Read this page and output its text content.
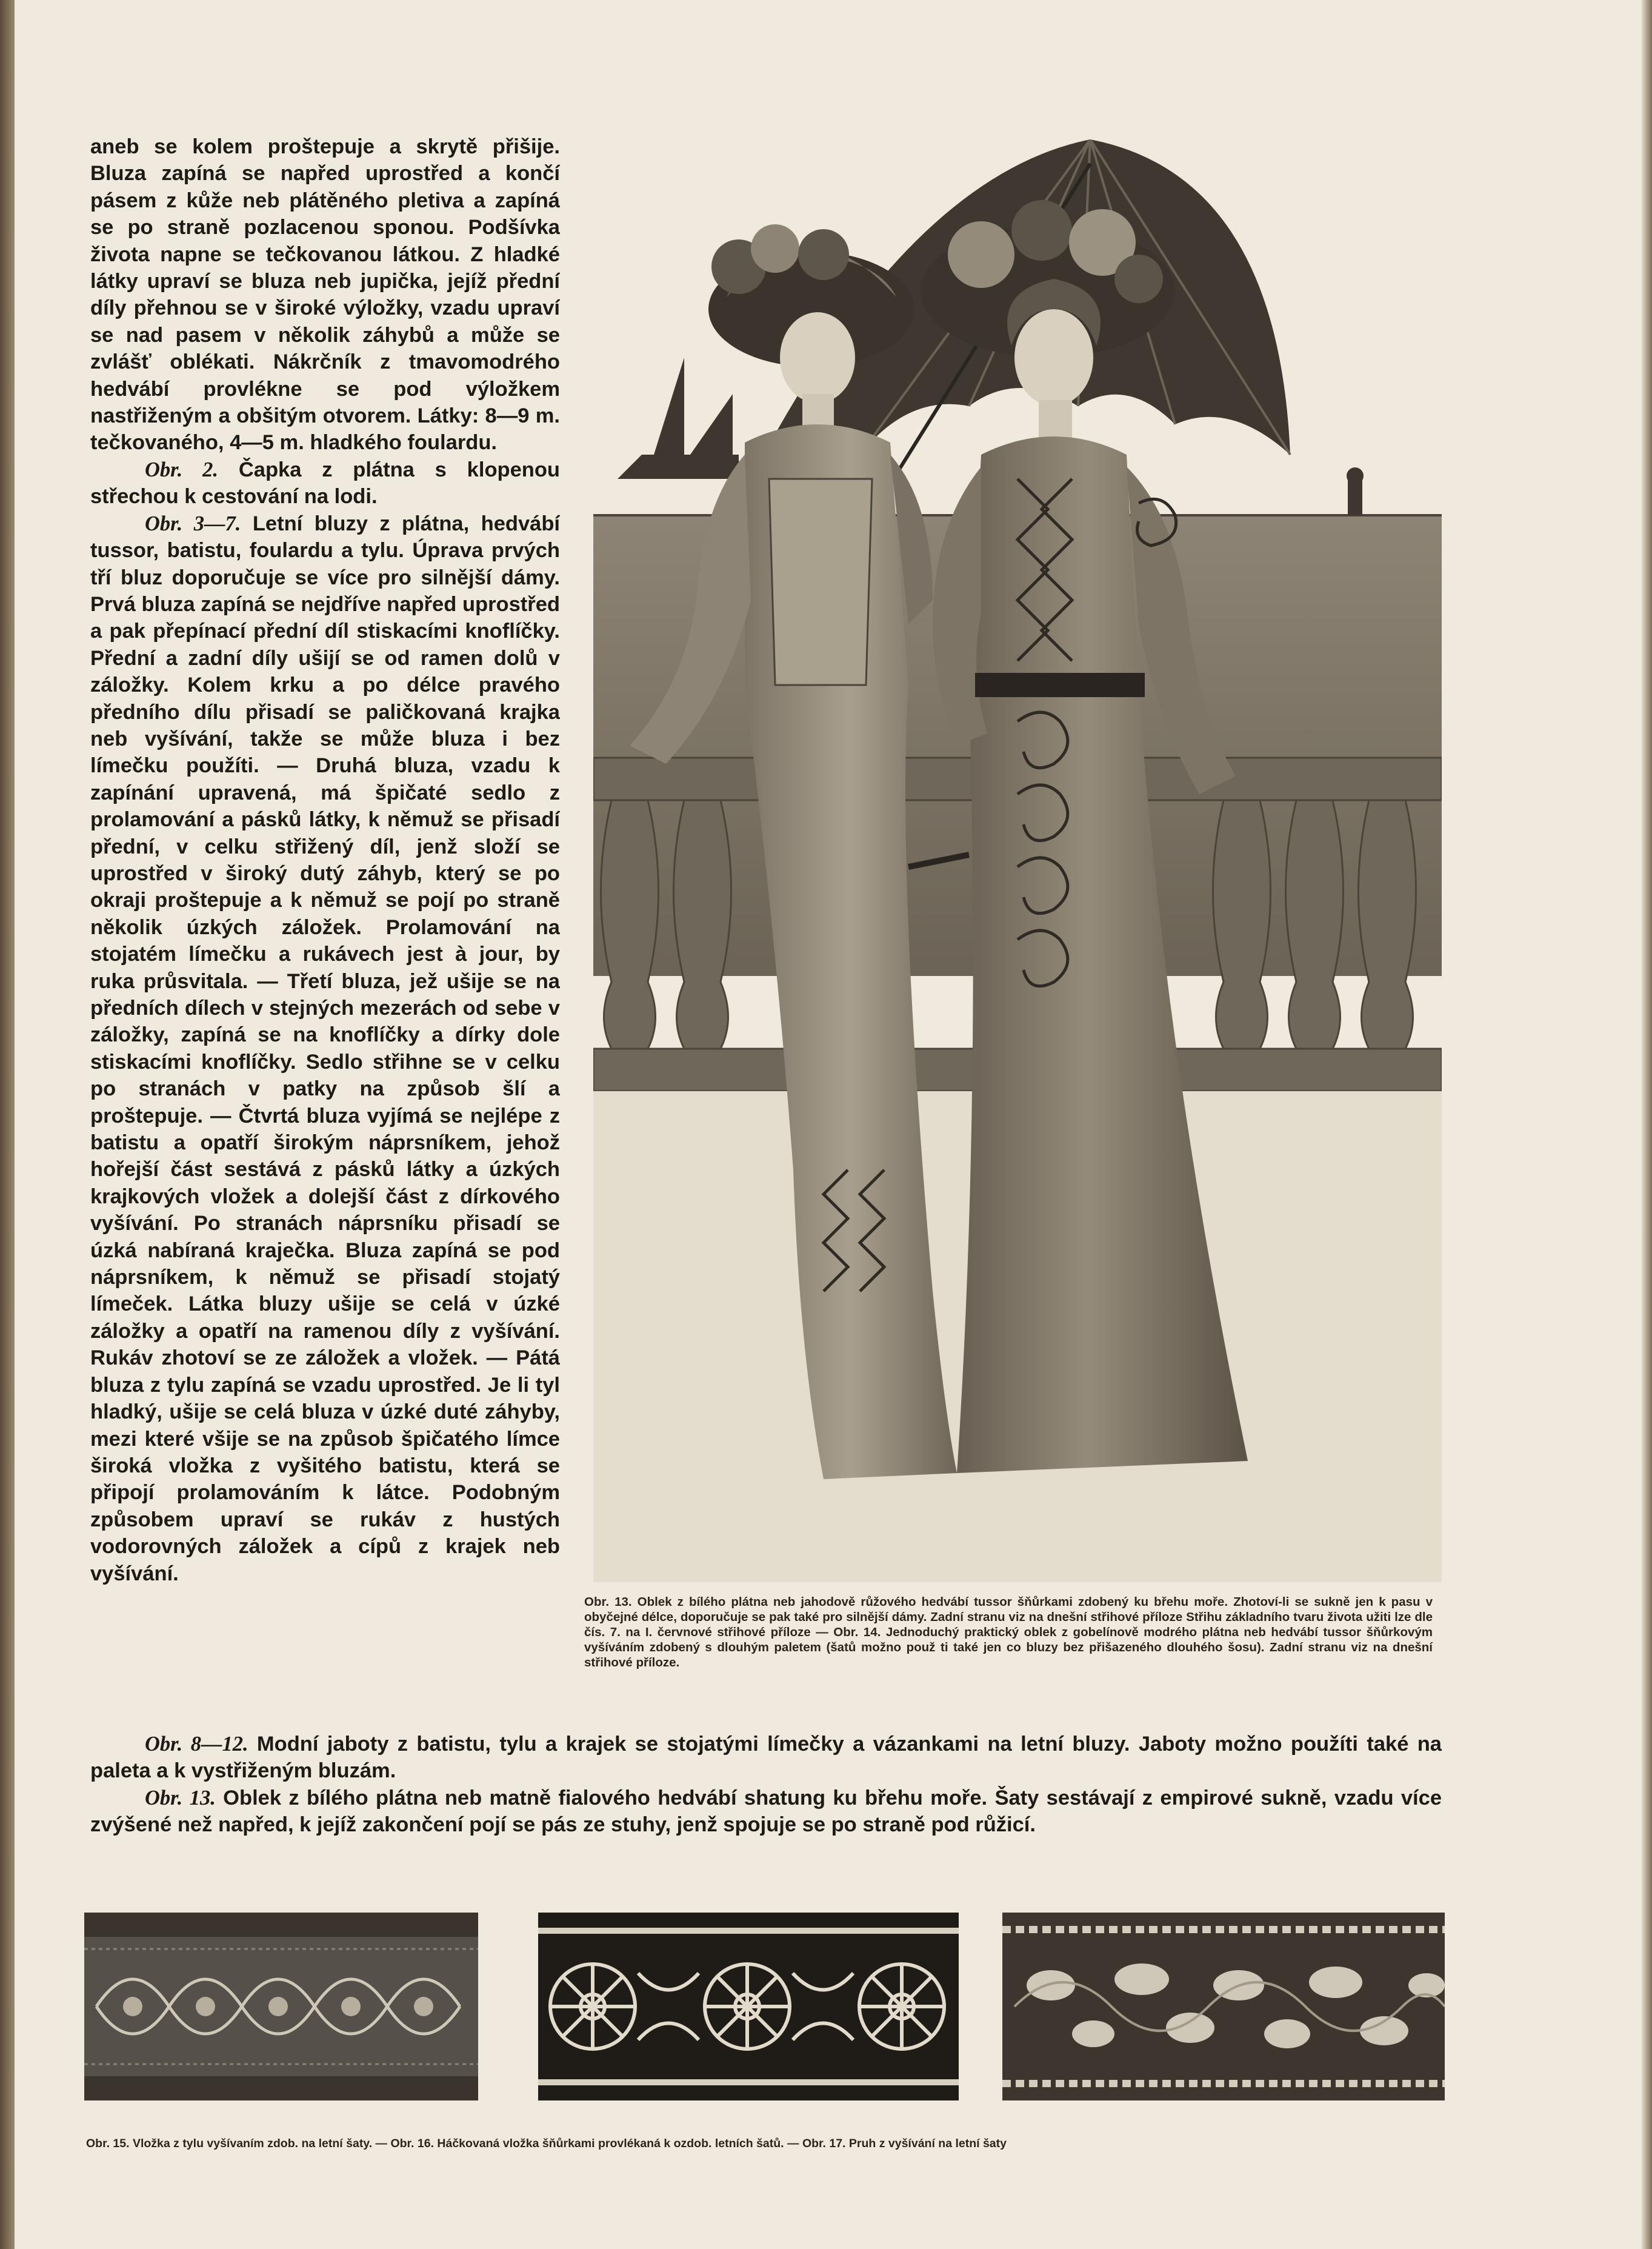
aneb se kolem proštepuje a skrytě přišije. Bluza zapíná se napřed uprostřed a končí pásem z kůže neb plátěného pletiva a zapíná se po straně pozlacenou sponou. Podšívka života napne se tečkovanou látkou. Z hladké látky upraví se bluza neb jupička, jejíž přední díly přehnou se v široké výložky, vzadu upraví se nad pasem v několik záhybů a může se zvlášť oblékati. Nákrčník z tmavomodrého hedvábí provlékne se pod výložkem nastřiženým a obšitým otvorem. Látky: 8—9 m. tečkovaného, 4—5 m. hladkého foulardu.

Obr. 2. Čapka z plátna s klopenou střechou k cestování na lodi.

Obr. 3—7. Letní bluzy z plátna, hedvábí tussor, batistu, foulardu a tylu. Úprava prvých tří bluz doporučuje se více pro silnější dámy. Prvá bluza zapíná se nejdříve napřed uprostřed a pak přepínací přední díl stiskacími knoflíčky. Přední a zadní díly ušijí se od ramen dolů v záložky. Kolem krku a po délce pravého předního dílu přisadí se paličkovaná krajka neb vyšívání, takže se může bluza i bez límečku použíti. — Druhá bluza, vzadu k zapínání upravená, má špičaté sedlo z prolamování a pásků látky, k němuž se přisadí přední, v celku střižený díl, jenž složí se uprostřed v široký dutý záhyb, který se po okraji proštepuje a k němuž se pojí po straně několik úzkých záložek. Prolamování na stojatém límečku a rukávech jest à jour, by ruka průsvitala. — Třetí bluza, jež ušije se na předních dílech v stejných mezerách od sebe v záložky, zapíná se na knoflíčky a dírky dole stiskacími knoflíčky. Sedlo střihne se v celku po stranách v patky na způsob šlí a proštepuje. — Čtvrtá bluza vyjímá se nejlépe z batistu a opatří širokým náprsníkem, jehož hořejší část sestává z pásků látky a úzkých krajkových vložek a dolejší část z dírkového vyšívání. Po stranách náprsníku přisadí se úzká nabíraná kraječka. Bluza zapíná se pod náprsníkem, k němuž se přisadí stojatý límeček. Látka bluzy ušije se celá v úzké záložky a opatří na ramenou díly z vyšívání. Rukáv zhotoví se ze záložek a vložek. — Pátá bluza z tylu zapíná se vzadu uprostřed. Je li tyl hladký, ušije se celá bluza v úzké duté záhyby, mezi které všije se na způsob špičatého límce široká vložka z vyšitého batistu, která se připojí prolamováním k látce. Podobným způsobem upraví se rukáv z hustých vodorovných záložek a cípů z krajek neb vyšívání.

Obr. 13. Oblek z bílého plátna neb jahodově růžového hedvábí tussor šňůrkami zdobený ku břehu moře. Zhotoví-li se sukně jen k pasu v obyčejné délce, doporučuje se pak také pro silnější dámy. Zadní stranu viz na dnešní střihové příloze Střihu základního tvaru života užiti lze dle čís. 7. na I. červnové střihové příloze — Obr. 14. Jednoduchý praktický oblek z gobelínově modrého plátna neb hedvábí tussor šňůrkovým vyšíváním zdobený s dlouhým paletem (šatů možno použ ti také jen co bluzy bez přišazeného dlouhého šosu). Zadní stranu viz na dnešní střihové příloze.

Obr. 8—12. Modní jaboty z batistu, tylu a krajek se stojatými límečky a vázankami na letní bluzy. Jaboty možno použíti také na paleta a k vystřiženým bluzám.

Obr. 13. Oblek z bílého plátna neb matně fialového hedvábí shatung ku břehu moře. Šaty sestávají z empirové sukně, vzadu více zvýšené než napřed, k jejíž zakončení pojí se pás ze stuhy, jenž spojuje se po straně pod růžicí.

Obr. 15. Vložka z tylu vyšívaním zdob. na letní šaty. — Obr. 16. Háčkovaná vložka šňůrkami provlékaná k ozdob. letních šatů. — Obr. 17. Pruh z vyšívání na letní šaty
